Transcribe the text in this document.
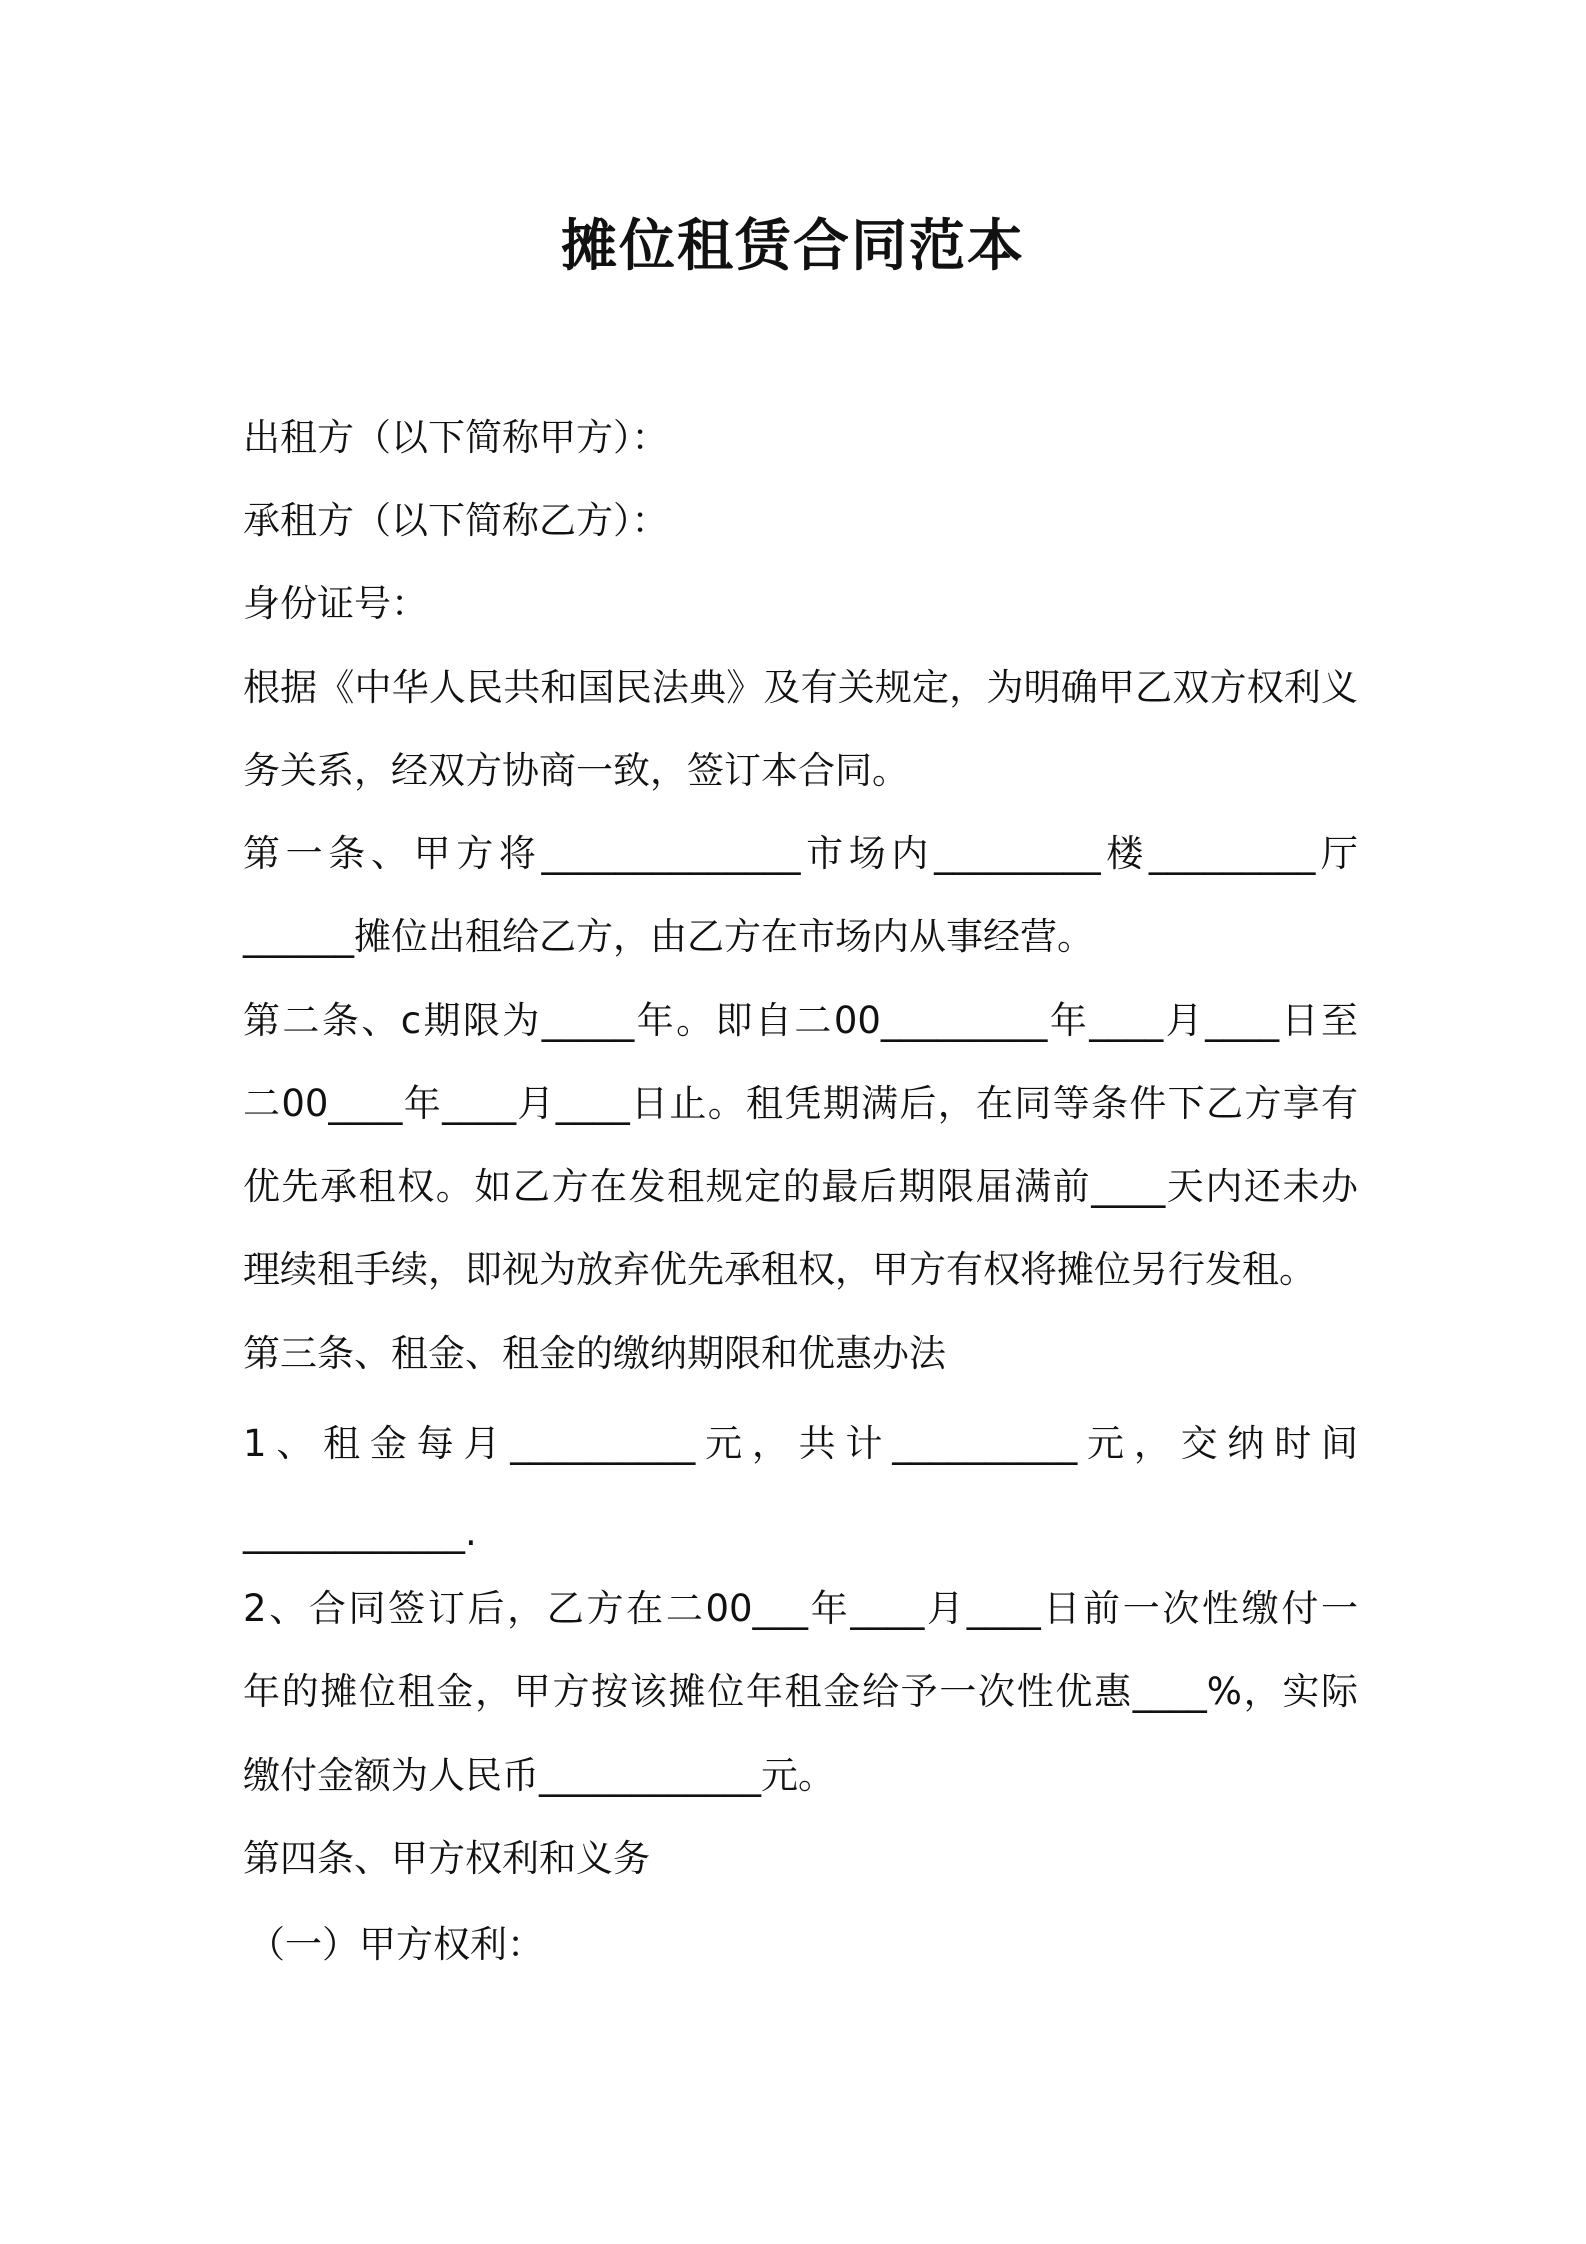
摊位租赁合同范本
出租方（以下简称甲方）：
承租方（以下简称乙方）：
身份证号：
根据《中华人民共和国民法典》及有关规定，为明确甲乙双方权利义
务关系，经双方协商一致，签订本合同。
第一条、甲方将______________市场内_________楼_________厅
______摊位出租给乙方，由乙方在市场内从事经营。
第二条、c期限为_____年。即自二00_________年____月____日至
二00____年____月____日止。租凭期满后，在同等条件下乙方享有
优先承租权。如乙方在发租规定的最后期限届满前____天内还未办
理续租手续，即视为放弃优先承租权，甲方有权将摊位另行发租。
第三条、租金、租金的缴纳期限和优惠办法
1、租金每月__________元，共计__________元，交纳时间
____________.
2、合同签订后，乙方在二00___年____月____日前一次性缴付一
年的摊位租金，甲方按该摊位年租金给予一次性优惠____%，实际
缴付金额为人民币____________元。
第四条、甲方权利和义务
（一）甲方权利：
